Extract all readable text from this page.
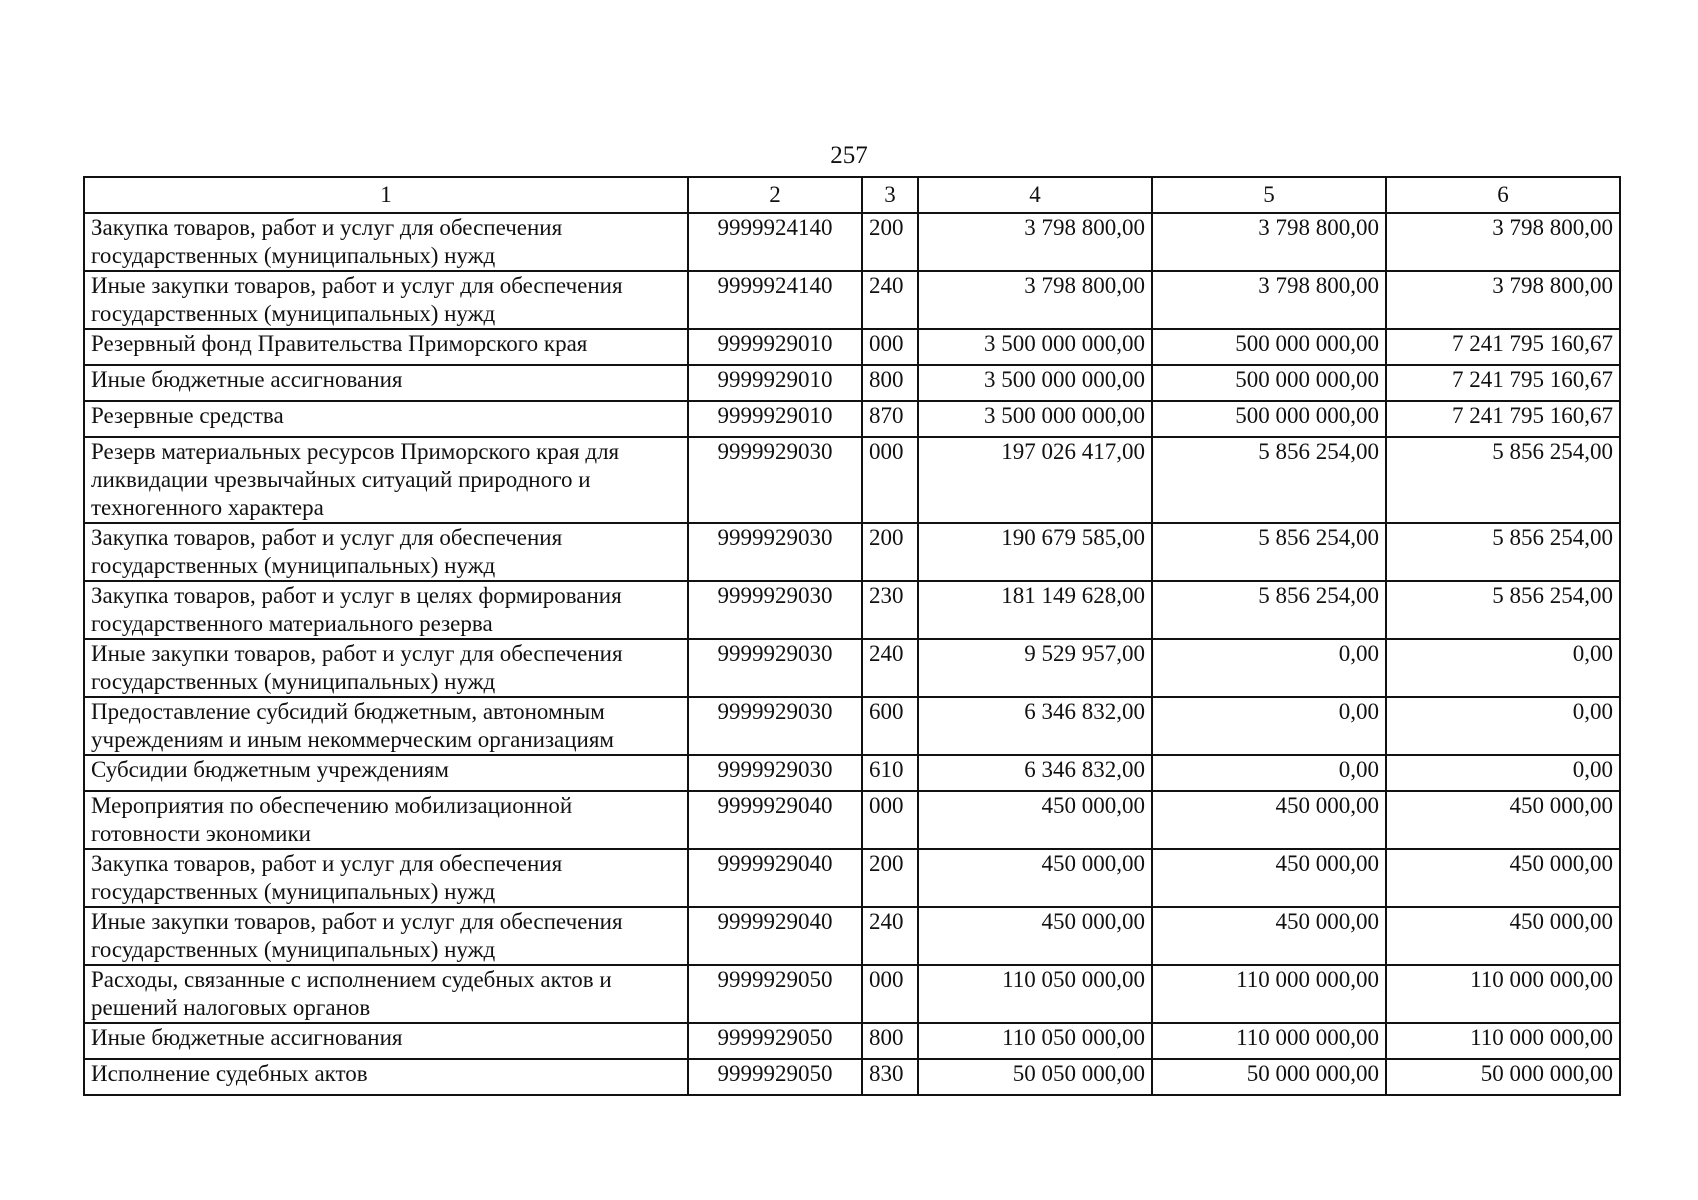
257
1	2	3	4	5	6
Закупка товаров, работ и услуг для обеспечения государственных (муниципальных) нужд	9999924140	200	3 798 800,00	3 798 800,00	3 798 800,00
Иные закупки товаров, работ и услуг для обеспечения государственных (муниципальных) нужд	9999924140	240	3 798 800,00	3 798 800,00	3 798 800,00
Резервный фонд Правительства Приморского края	9999929010	000	3 500 000 000,00	500 000 000,00	7 241 795 160,67
Иные бюджетные ассигнования	9999929010	800	3 500 000 000,00	500 000 000,00	7 241 795 160,67
Резервные средства	9999929010	870	3 500 000 000,00	500 000 000,00	7 241 795 160,67
Резерв материальных ресурсов Приморского края для ликвидации чрезвычайных ситуаций природного и техногенного характера	9999929030	000	197 026 417,00	5 856 254,00	5 856 254,00
Закупка товаров, работ и услуг для обеспечения государственных (муниципальных) нужд	9999929030	200	190 679 585,00	5 856 254,00	5 856 254,00
Закупка товаров, работ и услуг в целях формирования государственного материального резерва	9999929030	230	181 149 628,00	5 856 254,00	5 856 254,00
Иные закупки товаров, работ и услуг для обеспечения государственных (муниципальных) нужд	9999929030	240	9 529 957,00	0,00	0,00
Предоставление субсидий бюджетным, автономным учреждениям и иным некоммерческим организациям	9999929030	600	6 346 832,00	0,00	0,00
Субсидии бюджетным учреждениям	9999929030	610	6 346 832,00	0,00	0,00
Мероприятия по обеспечению мобилизационной готовности экономики	9999929040	000	450 000,00	450 000,00	450 000,00
Закупка товаров, работ и услуг для обеспечения государственных (муниципальных) нужд	9999929040	200	450 000,00	450 000,00	450 000,00
Иные закупки товаров, работ и услуг для обеспечения государственных (муниципальных) нужд	9999929040	240	450 000,00	450 000,00	450 000,00
Расходы, связанные с исполнением судебных актов и решений налоговых органов	9999929050	000	110 050 000,00	110 000 000,00	110 000 000,00
Иные бюджетные ассигнования	9999929050	800	110 050 000,00	110 000 000,00	110 000 000,00
Исполнение судебных актов	9999929050	830	50 050 000,00	50 000 000,00	50 000 000,00
